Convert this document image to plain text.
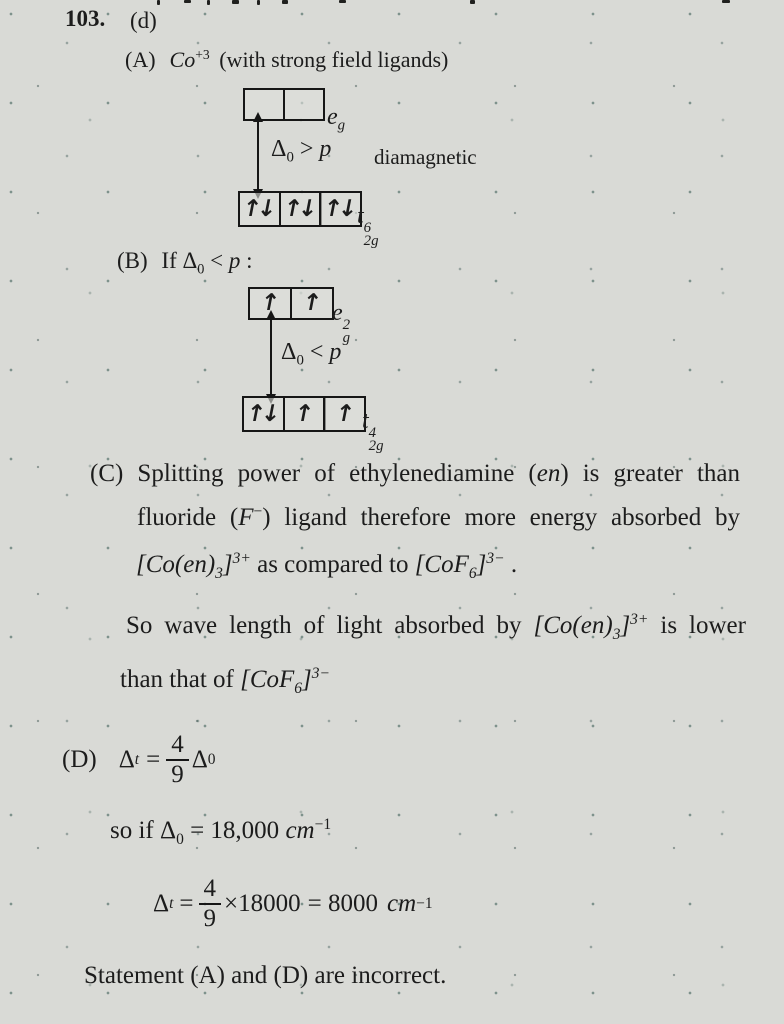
103. (d)
(A) $Co^{+3}$ (with strong field ligands)
$e_g$
$\Delta_0 > p$ diamagnetic
↑↓ ↑↓ ↑↓ t 6
2g
(B) If $\Delta_0 < p$ :
↑ ↑ e 2
g
$\Delta_0 < p$
↑↓ ↑ ↑ t 4
2g
(C) Splitting power of ethylenediamine (en) is greater than
fluoride (F−) ligand therefore more energy absorbed by
$[Co(en)_3]^{3+}$ as compared to $[CoF_6]^{3-}$ .
So wave length of light absorbed by $[Co(en)_3]^{3+}$ is lower
than that of $[CoF_6]^{3-}$
(D) Δ $t = \frac{4}{9}$ Δ 0
so if $\Delta_0 = 18,000$ $cm^{-1}$
Δ $t = \frac{4}{9} \times 18000 = 8000$ cm −1
Statement (A) and (D) are incorrect.
